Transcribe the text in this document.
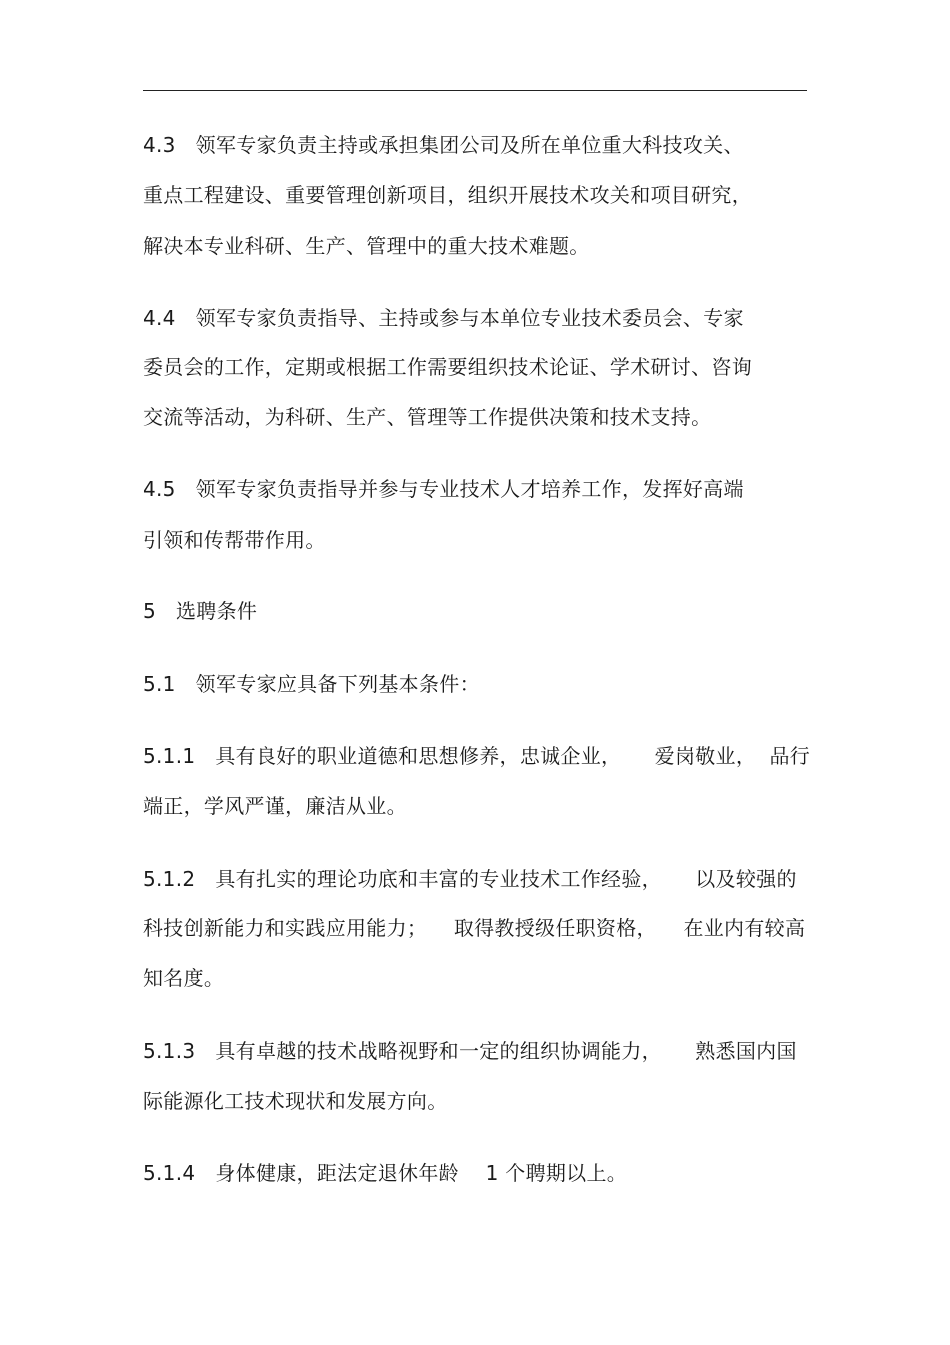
4.3   领军专家负责主持或承担集团公司及所在单位重大科技攻关、
重点工程建设、重要管理创新项目，组织开展技术攻关和项目研究，
解决本专业科研、生产、管理中的重大技术难题。
4.4   领军专家负责指导、主持或参与本单位专业技术委员会、专家
委员会的工作，定期或根据工作需要组织技术论证、学术研讨、咨询
交流等活动，为科研、生产、管理等工作提供决策和技术支持。
4.5   领军专家负责指导并参与专业技术人才培养工作，发挥好高端
引领和传帮带作用。
5   选聘条件
5.1   领军专家应具备下列基本条件：
5.1.1   具有良好的职业道德和思想修养，忠诚企业，     爱岗敬业，  品行
端正，学风严谨，廉洁从业。
5.1.2   具有扎实的理论功底和丰富的专业技术工作经验，     以及较强的
科技创新能力和实践应用能力；    取得教授级任职资格，    在业内有较高
知名度。
5.1.3   具有卓越的技术战略视野和一定的组织协调能力，     熟悉国内国
际能源化工技术现状和发展方向。
5.1.4   身体健康，距法定退休年龄    1 个聘期以上。
